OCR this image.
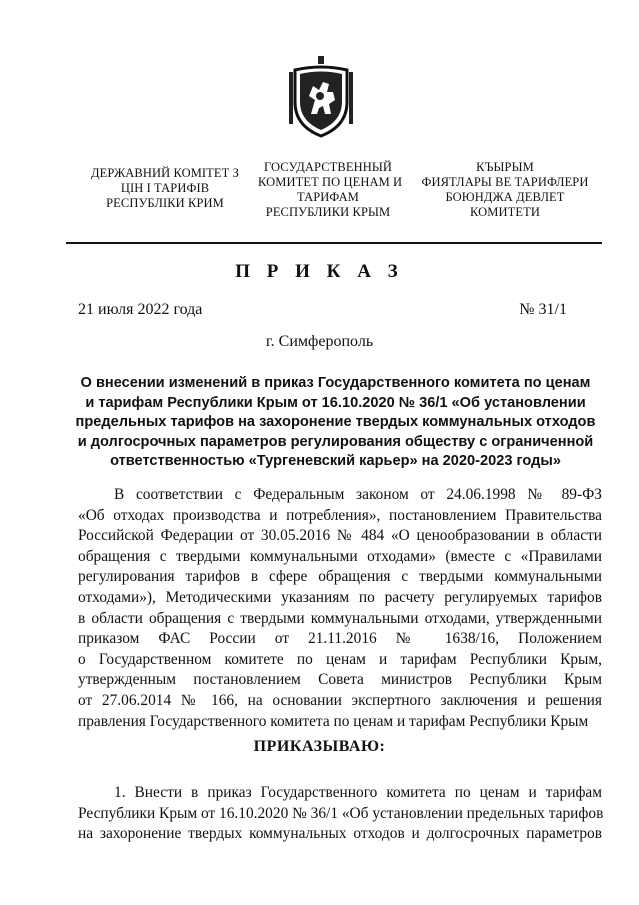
ДЕРЖАВНИЙ КОМІТЕТ З
ЦІН І ТАРИФІВ
РЕСПУБЛІКИ КРИМ
ГОСУДАРСТВЕННЫЙ
КОМИТЕТ ПО ЦЕНАМ И
ТАРИФАМ
РЕСПУБЛИКИ КРЫМ
КЪЫРЫМ
ФИЯТЛАРЫ ВЕ ТАРИФЛЕРИ
БОЮНДЖА ДЕВЛЕТ
КОМИТЕТИ
П Р И К А З
21 июля 2022 года	№ 31/1
г. Симферополь
О внесении изменений в приказ Государственного комитета по ценам
и тарифам Республики Крым от 16.10.2020 № 36/1 «Об установлении
предельных тарифов на захоронение твердых коммунальных отходов
и долгосрочных параметров регулирования обществу с ограниченной
ответственностью «Тургеневский карьер» на 2020-2023 годы»
В соответствии с Федеральным законом от 24.06.1998 № 89-ФЗ
«Об отходах производства и потребления», постановлением Правительства
Российской Федерации от 30.05.2016 № 484 «О ценообразовании в области
обращения с твердыми коммунальными отходами» (вместе с «Правилами
регулирования тарифов в сфере обращения с твердыми коммунальными
отходами»), Методическими указаниям по расчету регулируемых тарифов
в области обращения с твердыми коммунальными отходами, утвержденными
приказом ФАС России от 21.11.2016 № 1638/16, Положением
о Государственном комитете по ценам и тарифам Республики Крым,
утвержденным постановлением Совета министров Республики Крым
от 27.06.2014 № 166, на основании экспертного заключения и решения
правления Государственного комитета по ценам и тарифам Республики Крым
ПРИКАЗЫВАЮ:
1. Внести в приказ Государственного комитета по ценам и тарифам
Республики Крым от 16.10.2020 № 36/1 «Об установлении предельных тарифов
на захоронение твердых коммунальных отходов и долгосрочных параметров
